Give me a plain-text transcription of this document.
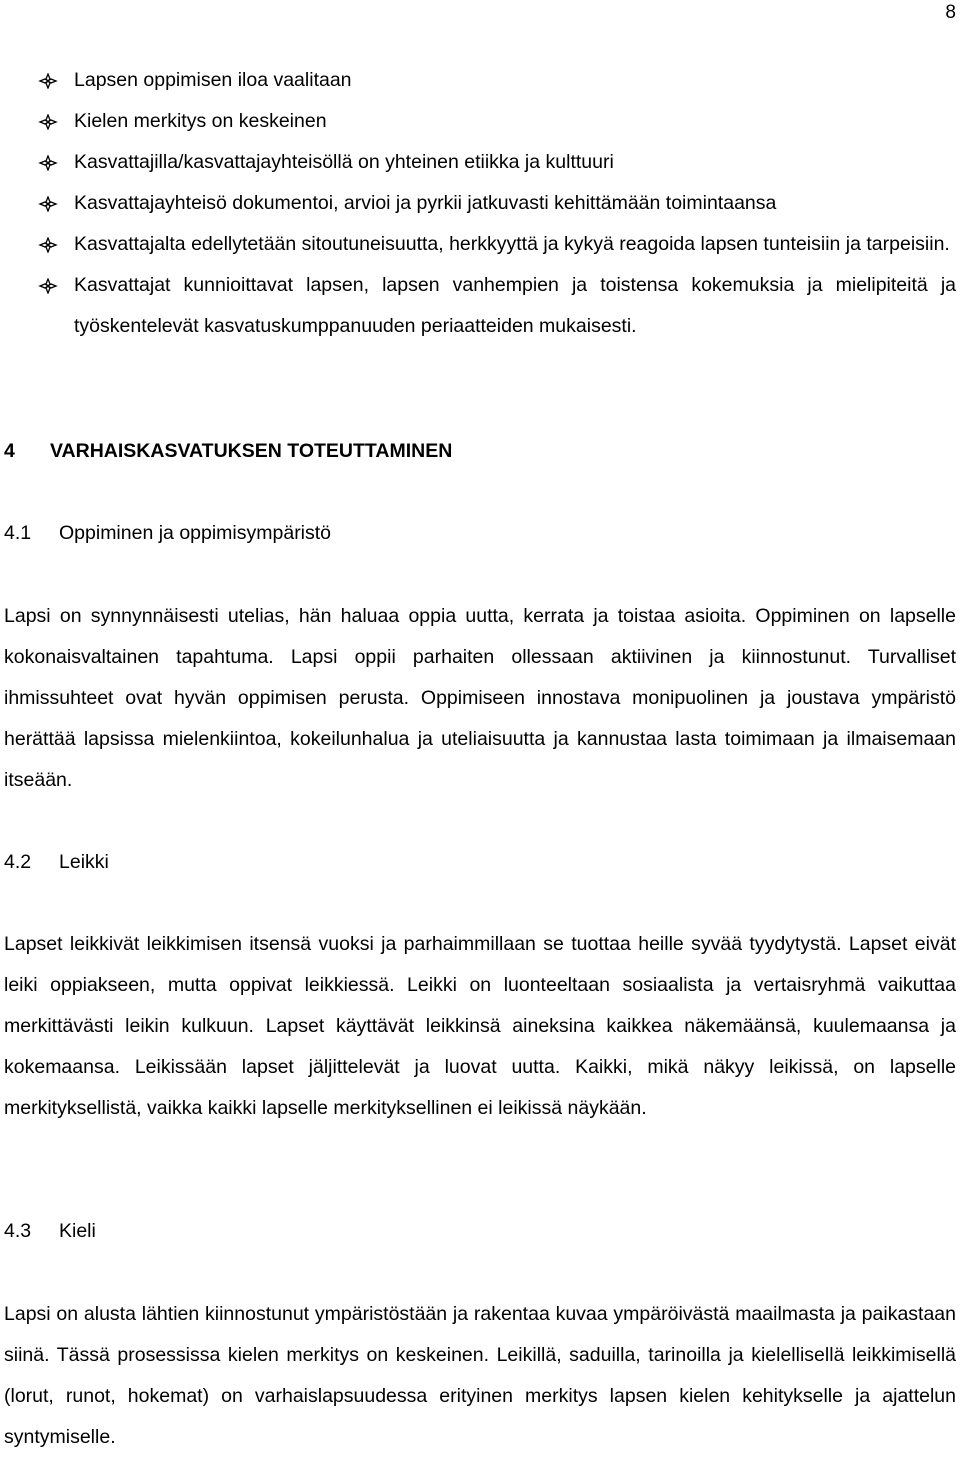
8
Lapsen oppimisen iloa vaalitaan
Kielen merkitys on keskeinen
Kasvattajilla/kasvattajayhteisöllä on yhteinen etiikka ja kulttuuri
Kasvattajayhteisö dokumentoi, arvioi ja pyrkii jatkuvasti kehittämään toimintaansa
Kasvattajalta edellytetään sitoutuneisuutta, herkkyyttä ja kykyä reagoida lapsen tunteisiin ja tarpeisiin.
Kasvattajat kunnioittavat lapsen, lapsen vanhempien ja toistensa kokemuksia ja mielipiteitä ja työskentelevät kasvatuskumppanuuden periaatteiden mukaisesti.
4 VARHAISKASVATUKSEN TOTEUTTAMINEN
4.1 Oppiminen ja oppimisympäristö

Lapsi on synnynnäisesti utelias, hän haluaa oppia uutta, kerrata ja toistaa asioita. Oppiminen on lapselle kokonaisvaltainen tapahtuma. Lapsi oppii parhaiten ollessaan aktiivinen ja kiinnostunut. Turvalliset ihmissuhteet ovat hyvän oppimisen perusta. Oppimiseen innostava monipuolinen ja joustava ympäristö herättää lapsissa mielenkiintoa, kokeilunhalua ja uteliaisuutta ja kannustaa lasta toimimaan ja ilmaisemaan itseään.

4.2 Leikki

Lapset leikkivät leikkimisen itsensä vuoksi ja parhaimmillaan se tuottaa heille syvää tyydytystä. Lapset eivät leiki oppiakseen, mutta oppivat leikkiessä. Leikki on luonteeltaan sosiaalista ja vertaisryhmä vaikuttaa merkittävästi leikin kulkuun. Lapset käyttävät leikkinsä aineksina kaikkea näkemäänsä, kuulemaansa ja kokemaansa. Leikissään lapset jäljittelevät ja luovat uutta. Kaikki, mikä näkyy leikissä, on lapselle merkityksellistä, vaikka kaikki lapselle merkityksellinen ei leikissä näykään.

4.3 Kieli

Lapsi on alusta lähtien kiinnostunut ympäristöstään ja rakentaa kuvaa ympäröivästä maailmasta ja paikastaan siinä. Tässä prosessissa kielen merkitys on keskeinen. Leikillä, saduilla, tarinoilla ja kielellisellä leikkimisellä (lorut, runot, hokemat) on varhaislapsuudessa erityinen merkitys lapsen kielen kehitykselle ja ajattelun syntymiselle.
